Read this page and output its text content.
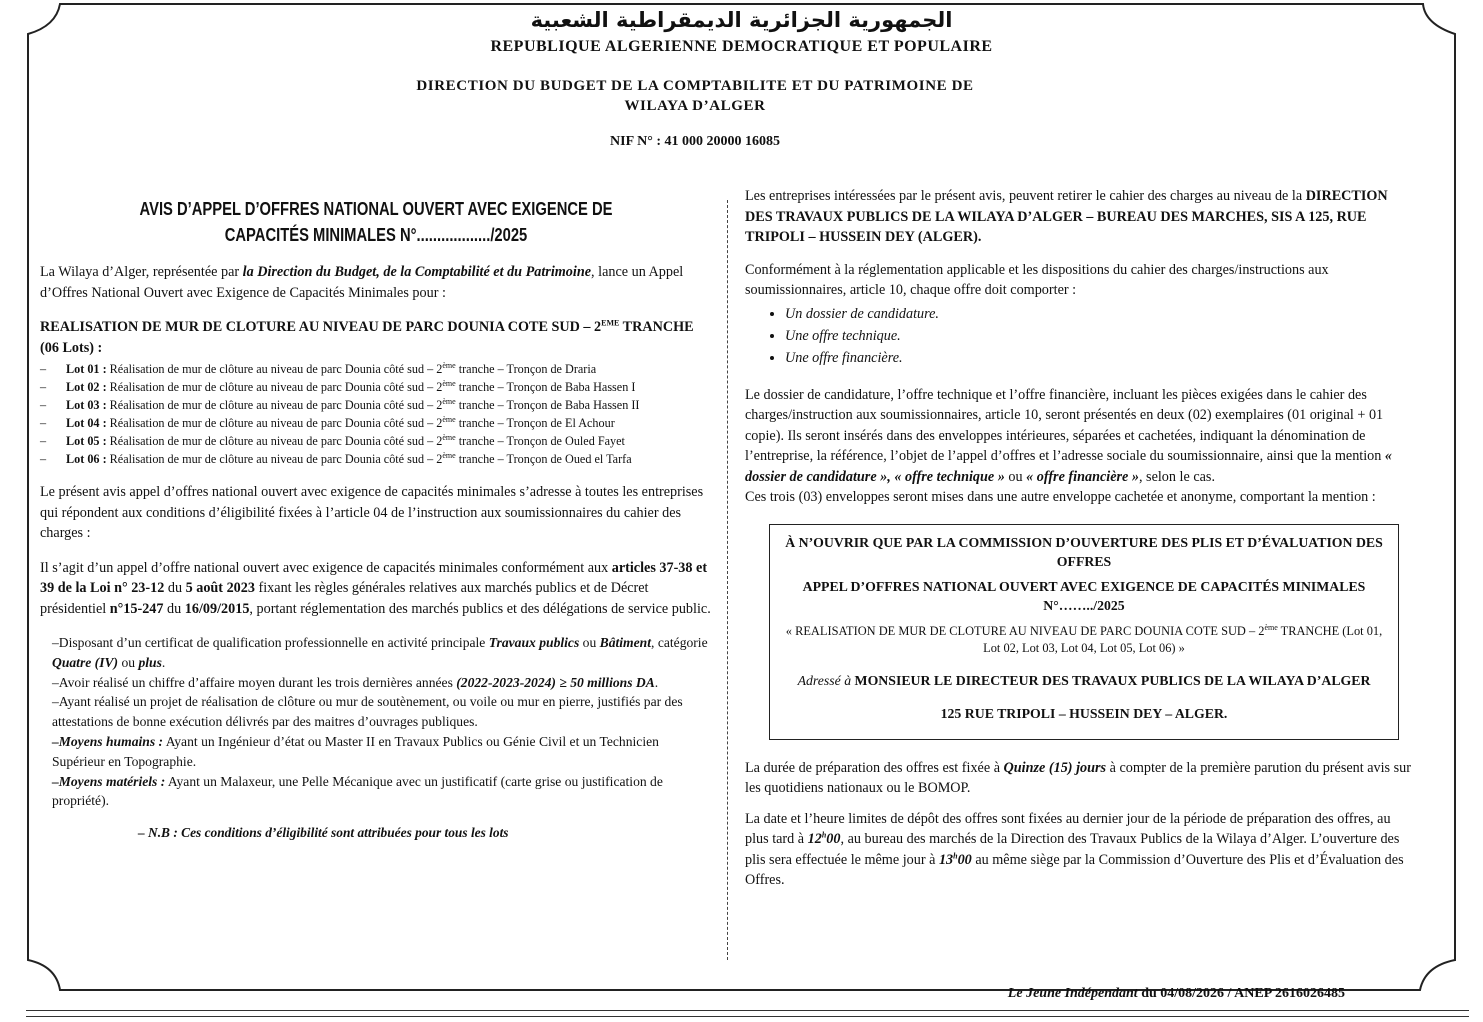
الجمهورية الجزائرية الديمقراطية الشعبية
REPUBLIQUE ALGERIENNE DEMOCRATIQUE ET POPULAIRE
DIRECTION DU BUDGET DE LA COMPTABILITE ET DU PATRIMOINE DE
WILAYA D’ALGER
NIF N° : 41 000 20000 16085
AVIS D’APPEL D’OFFRES NATIONAL OUVERT AVEC EXIGENCE DE CAPACITÉS MINIMALES N°................../2025

La Wilaya d’Alger, représentée par la Direction du Budget, de la Comptabilité et du Patrimoine, lance un Appel d’Offres National Ouvert avec Exigence de Capacités Minimales pour :

REALISATION DE MUR DE CLOTURE AU NIVEAU DE PARC DOUNIA COTE SUD – 2EME TRANCHE (06 Lots) :

– Lot 01 : Réalisation de mur de clôture au niveau de parc Dounia côté sud – 2ème tranche – Tronçon de Draria
– Lot 02 : Réalisation de mur de clôture au niveau de parc Dounia côté sud – 2ème tranche – Tronçon de Baba Hassen I
– Lot 03 : Réalisation de mur de clôture au niveau de parc Dounia côté sud – 2ème tranche – Tronçon de Baba Hassen II
– Lot 04 : Réalisation de mur de clôture au niveau de parc Dounia côté sud – 2ème tranche – Tronçon de El Achour
– Lot 05 : Réalisation de mur de clôture au niveau de parc Dounia côté sud – 2ème tranche – Tronçon de Ouled Fayet
– Lot 06 : Réalisation de mur de clôture au niveau de parc Dounia côté sud – 2ème tranche – Tronçon de Oued el Tarfa

Le présent avis appel d’offres national ouvert avec exigence de capacités minimales s’adresse à toutes les entreprises qui répondent aux conditions d’éligibilité fixées à l’article 04 de l’instruction aux soumissionnaires du cahier des charges :

Il s’agit d’un appel d’offre national ouvert avec exigence de capacités minimales conformément aux articles 37-38 et 39 de la Loi n° 23-12 du 5 août 2023 fixant les règles générales relatives aux marchés publics et de Décret présidentiel n°15-247 du 16/09/2015, portant réglementation des marchés publics et des délégations de service public.

–Disposant d’un certificat de qualification professionnelle en activité principale Travaux publics ou Bâtiment, catégorie Quatre (IV) ou plus.

–Avoir réalisé un chiffre d’affaire moyen durant les trois dernières années (2022-2023-2024) ≥ 50 millions DA.

–Ayant réalisé un projet de réalisation de clôture ou mur de soutènement, ou voile ou mur en pierre, justifiés par des attestations de bonne exécution délivrés par des maitres d’ouvrages publiques.

–Moyens humains : Ayant un Ingénieur d’état ou Master II en Travaux Publics ou Génie Civil et un Technicien Supérieur en Topographie.

–Moyens matériels : Ayant un Malaxeur, une Pelle Mécanique avec un justificatif (carte grise ou justification de propriété).

– N.B : Ces conditions d’éligibilité sont attribuées pour tous les lots

Les entreprises intéressées par le présent avis, peuvent retirer le cahier des charges au niveau de la DIRECTION DES TRAVAUX PUBLICS DE LA WILAYA D’ALGER – BUREAU DES MARCHES, SIS A 125, RUE TRIPOLI – HUSSEIN DEY (ALGER).

Conformément à la réglementation applicable et les dispositions du cahier des charges/instructions aux soumissionnaires, article 10, chaque offre doit comporter :

• Un dossier de candidature.
• Une offre technique.
• Une offre financière.

Le dossier de candidature, l’offre technique et l’offre financière, incluant les pièces exigées dans le cahier des charges/instruction aux soumissionnaires, article 10, seront présentés en deux (02) exemplaires (01 original + 01 copie). Ils seront insérés dans des enveloppes intérieures, séparées et cachetées, indiquant la dénomination de l’entreprise, la référence, l’objet de l’appel d’offres et l’adresse sociale du soumissionnaire, ainsi que la mention « dossier de candidature », « offre technique » ou « offre financière », selon le cas.

Ces trois (03) enveloppes seront mises dans une autre enveloppe cachetée et anonyme, comportant la mention :

À N’OUVRIR QUE PAR LA COMMISSION D’OUVERTURE DES PLIS ET D’ÉVALUATION DES OFFRES
APPEL D’OFFRES NATIONAL OUVERT AVEC EXIGENCE DE CAPACITÉS MINIMALES N°……../2025
« REALISATION DE MUR DE CLOTURE AU NIVEAU DE PARC DOUNIA COTE SUD – 2ème TRANCHE (Lot 01, Lot 02, Lot 03, Lot 04, Lot 05, Lot 06) »
Adressé à MONSIEUR LE DIRECTEUR DES TRAVAUX PUBLICS DE LA WILAYA D’ALGER
125 RUE TRIPOLI – HUSSEIN DEY – ALGER.

La durée de préparation des offres est fixée à Quinze (15) jours à compter de la première parution du présent avis sur les quotidiens nationaux ou le BOMOP.

La date et l’heure limites de dépôt des offres sont fixées au dernier jour de la période de préparation des offres, au plus tard à 12$^h$00, au bureau des marchés de la Direction des Travaux Publics de la Wilaya d’Alger. L’ouverture des plis sera effectuée le même jour à 13$^h$00 au même siège par la Commission d’Ouverture des Plis et d’Évaluation des Offres.

Le Jeune Indépendant du 04/08/2026 / ANEP 2616026485
